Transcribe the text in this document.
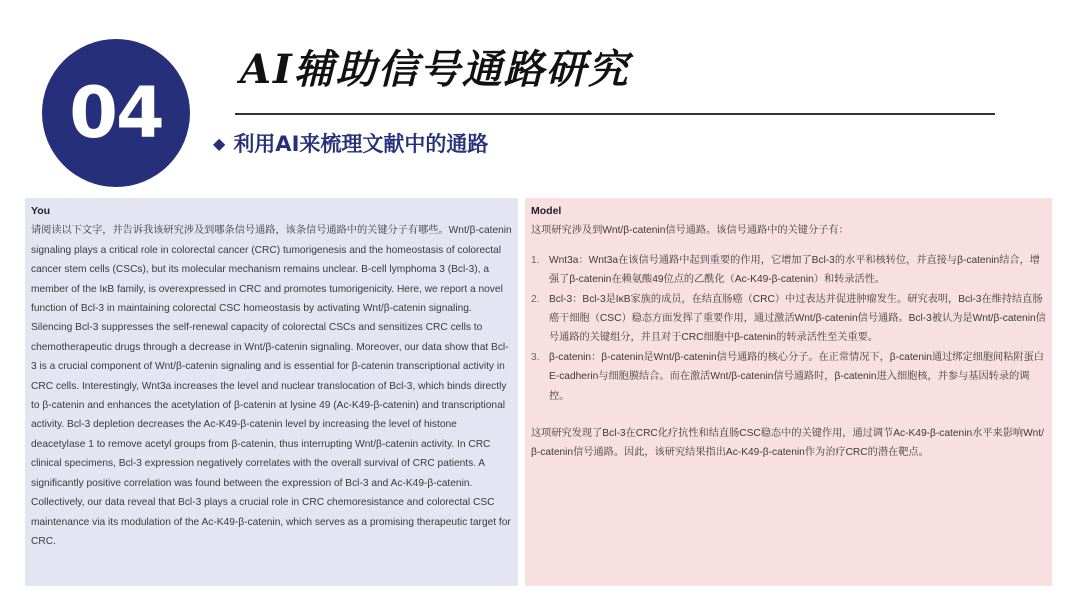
04
AI辅助信号通路研究
◆ 利用AI来梳理文献中的通路
You
请阅读以下文字，并告诉我该研究涉及到哪条信号通路，该条信号通路中的关键分子有哪些。Wnt/β-catenin signaling plays a critical role in colorectal cancer (CRC) tumorigenesis and the homeostasis of colorectal cancer stem cells (CSCs), but its molecular mechanism remains unclear. B-cell lymphoma 3 (Bcl-3), a member of the IκB family, is overexpressed in CRC and promotes tumorigenicity. Here, we report a novel function of Bcl-3 in maintaining colorectal CSC homeostasis by activating Wnt/β-catenin signaling. Silencing Bcl-3 suppresses the self-renewal capacity of colorectal CSCs and sensitizes CRC cells to chemotherapeutic drugs through a decrease in Wnt/β-catenin signaling. Moreover, our data show that Bcl-3 is a crucial component of Wnt/β-catenin signaling and is essential for β-catenin transcriptional activity in CRC cells. Interestingly, Wnt3a increases the level and nuclear translocation of Bcl-3, which binds directly to β-catenin and enhances the acetylation of β-catenin at lysine 49 (Ac-K49-β-catenin) and transcriptional activity. Bcl-3 depletion decreases the Ac-K49-β-catenin level by increasing the level of histone deacetylase 1 to remove acetyl groups from β-catenin, thus interrupting Wnt/β-catenin activity. In CRC clinical specimens, Bcl-3 expression negatively correlates with the overall survival of CRC patients. A significantly positive correlation was found between the expression of Bcl-3 and Ac-K49-β-catenin. Collectively, our data reveal that Bcl-3 plays a crucial role in CRC chemoresistance and colorectal CSC maintenance via its modulation of the Ac-K49-β-catenin, which serves as a promising therapeutic target for CRC.
Model
这项研究涉及到Wnt/β-catenin信号通路。该信号通路中的关键分子有：
1. Wnt3a：Wnt3a在该信号通路中起到重要的作用，它增加了Bcl-3的水平和核转位，并直接与β-catenin结合，增强了β-catenin在赖氨酸49位点的乙酰化（Ac-K49-β-catenin）和转录活性。
2. Bcl-3：Bcl-3是IκB家族的成员，在结直肠癌（CRC）中过表达并促进肿瘤发生。研究表明，Bcl-3在维持结直肠癌干细胞（CSC）稳态方面发挥了重要作用，通过激活Wnt/β-catenin信号通路。Bcl-3被认为是Wnt/β-catenin信号通路的关键组分，并且对于CRC细胞中β-catenin的转录活性至关重要。
3. β-catenin：β-catenin是Wnt/β-catenin信号通路的核心分子。在正常情况下，β-catenin通过绑定细胞间粘附蛋白E-cadherin与细胞膜结合。而在激活Wnt/β-catenin信号通路时，β-catenin进入细胞核，并参与基因转录的调控。
这项研究发现了Bcl-3在CRC化疗抗性和结直肠CSC稳态中的关键作用，通过调节Ac-K49-β-catenin水平来影响Wnt/β-catenin信号通路。因此，该研究结果指出Ac-K49-β-catenin作为治疗CRC的潜在靶点。
